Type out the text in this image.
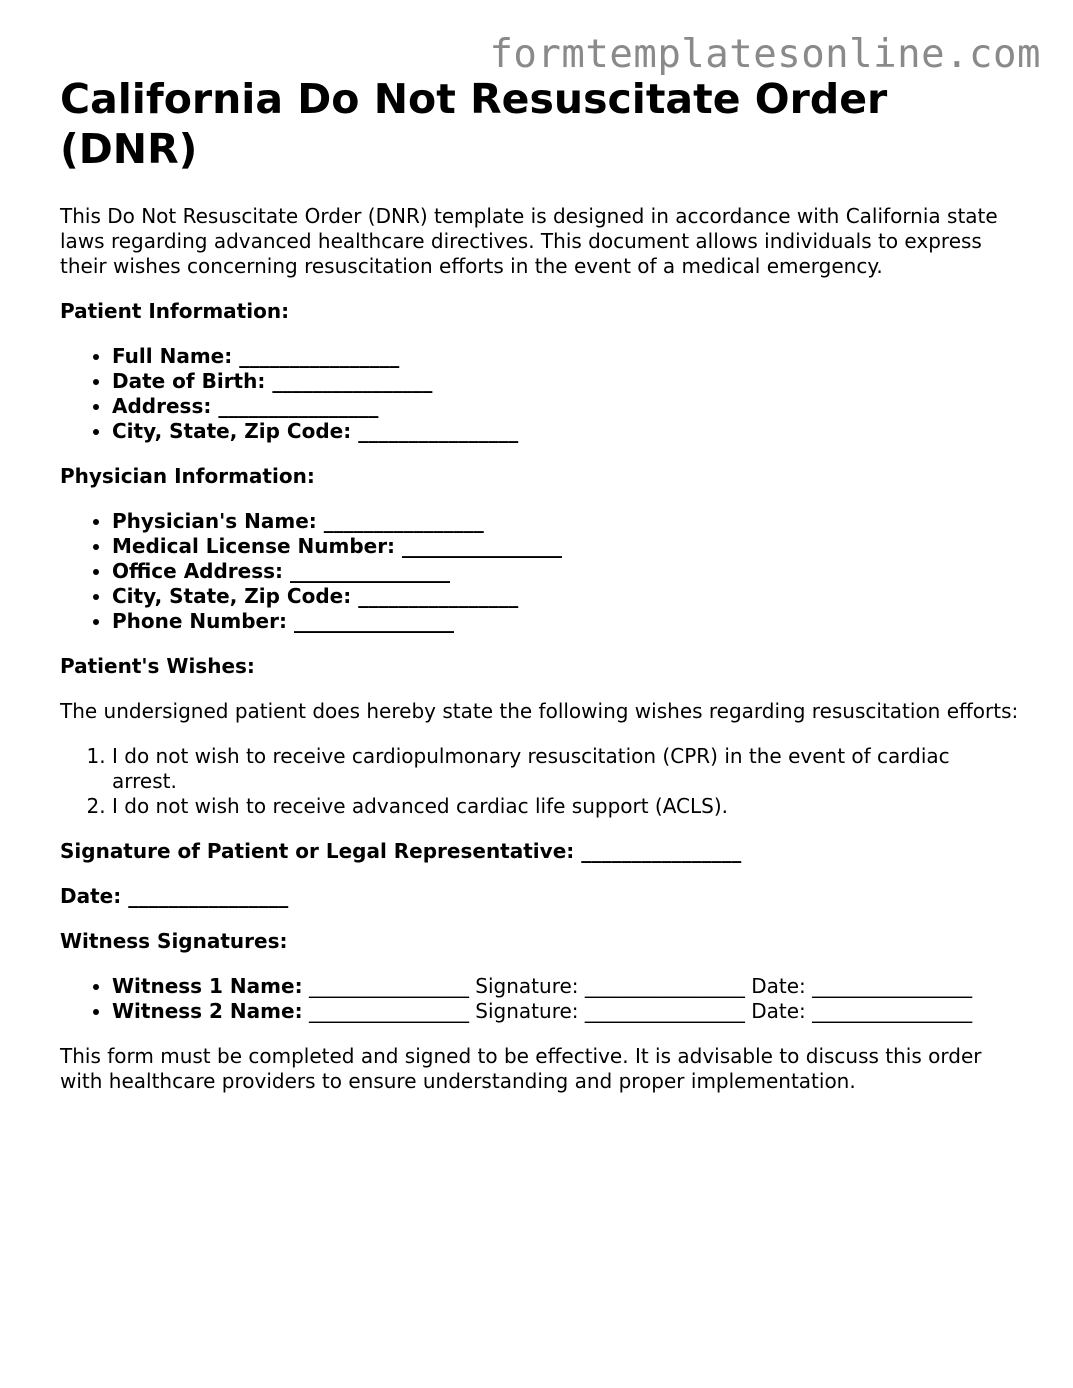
formtemplatesonline.com
California Do Not Resuscitate Order (DNR)

This Do Not Resuscitate Order (DNR) template is designed in accordance with California state laws regarding advanced healthcare directives. This document allows individuals to express their wishes concerning resuscitation efforts in the event of a medical emergency.

Patient Information:
• Full Name: ________________
• Date of Birth: ________________
• Address: ________________
• City, State, Zip Code: ________________
Physician Information:
• Physician's Name: ________________
• Medical License Number: ________________
• Office Address: ________________
• City, State, Zip Code: ________________
• Phone Number: ________________
Patient's Wishes:

The undersigned patient does hereby state the following wishes regarding resuscitation efforts:

1. I do not wish to receive cardiopulmonary resuscitation (CPR) in the event of cardiac arrest.
2. I do not wish to receive advanced cardiac life support (ACLS).
Signature of Patient or Legal Representative: ________________
Date: ________________
Witness Signatures:
• Witness 1 Name: ________________ Signature: ________________ Date: ________________
• Witness 2 Name: ________________ Signature: ________________ Date: ________________

This form must be completed and signed to be effective. It is advisable to discuss this order with healthcare providers to ensure understanding and proper implementation.
